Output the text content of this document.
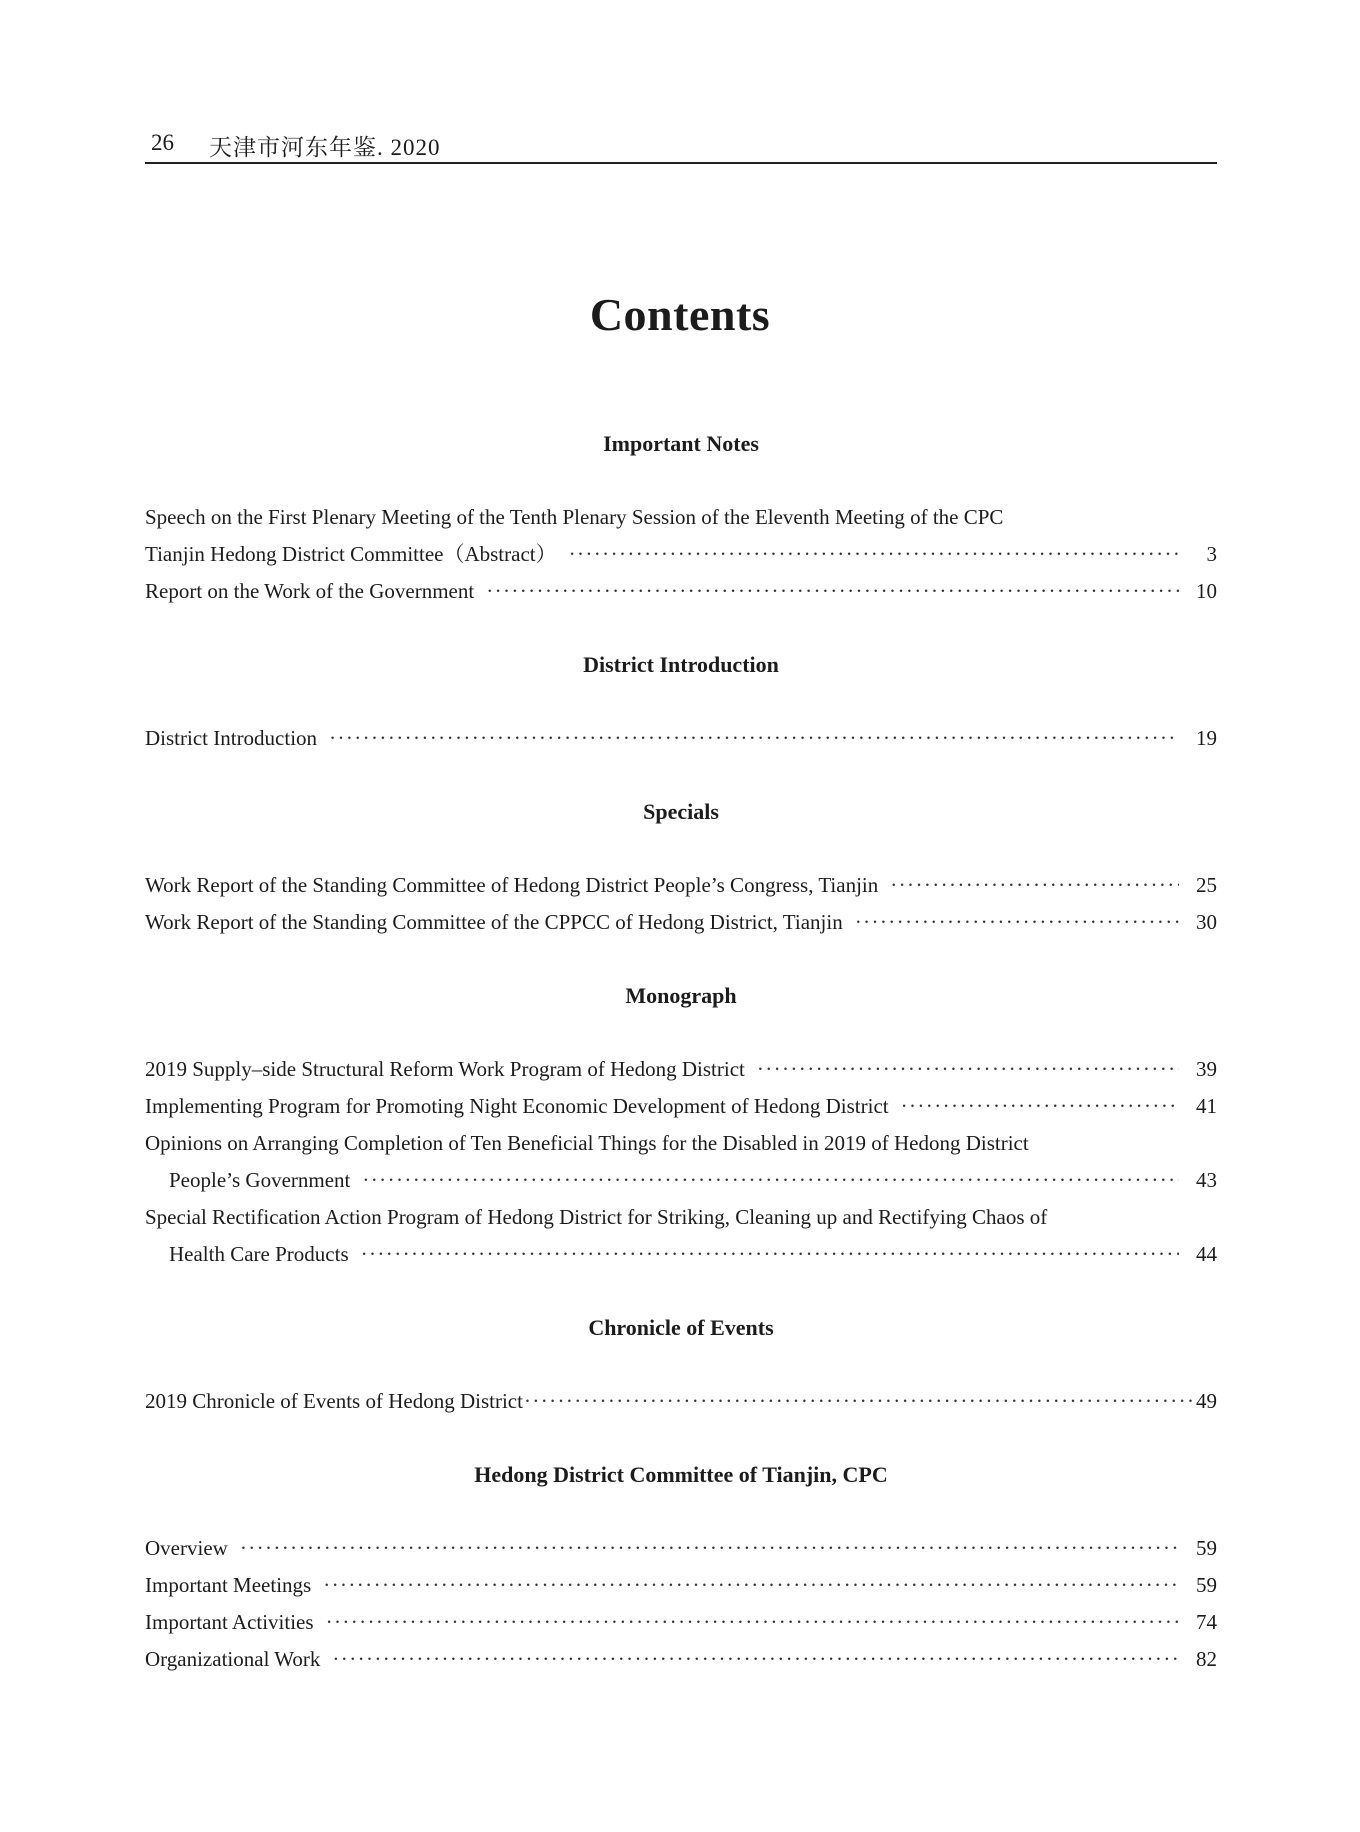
26 天津市河东年鉴. 2020
Contents
Important Notes
Speech on the First Plenary Meeting of the Tenth Plenary Session of the Eleventh Meeting of the CPC
Tianjin Hedong District Committee（Abstract） ·····	3
Report on the Work of the Government ·····	10
District Introduction
District Introduction ·····	19
Specials
Work Report of the Standing Committee of Hedong District People’s Congress, Tianjin ·····	25
Work Report of the Standing Committee of the CPPCC of Hedong District, Tianjin ·····	30
Monograph
2019 Supply–side Structural Reform Work Program of Hedong District ·····	39
Implementing Program for Promoting Night Economic Development of Hedong District ·····	41
Opinions on Arranging Completion of Ten Beneficial Things for the Disabled in 2019 of Hedong District
People’s Government ·····	43
Special Rectification Action Program of Hedong District for Striking, Cleaning up and Rectifying Chaos of
Health Care Products ·····	44
Chronicle of Events
2019 Chronicle of Events of Hedong District ·····	49
Hedong District Committee of Tianjin, CPC
Overview ·····	59
Important Meetings ·····	59
Important Activities ·····	74
Organizational Work ·····	82
